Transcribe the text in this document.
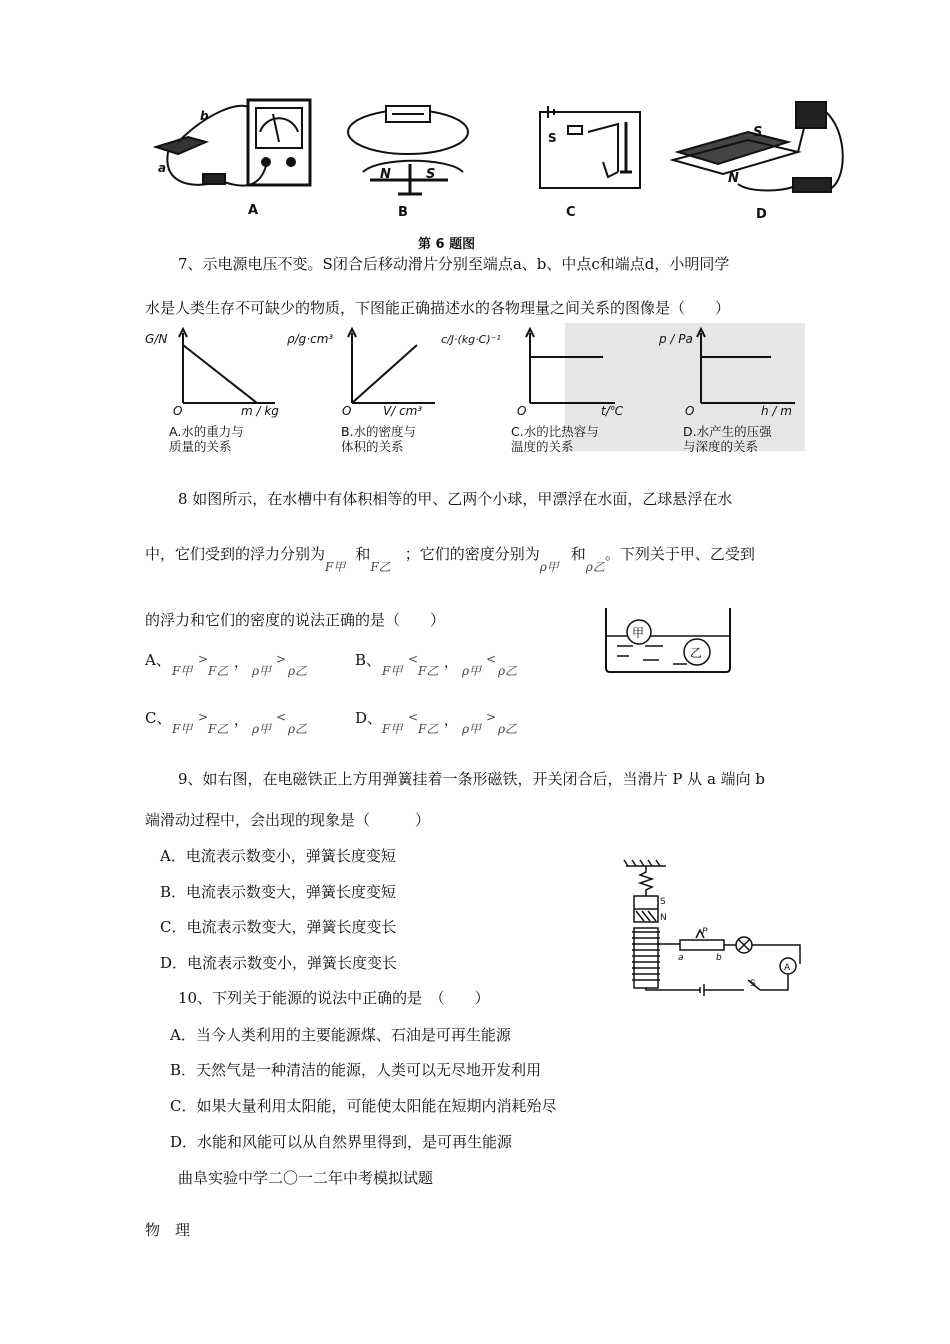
b
a
A
N	S
B
S
C
S
N
D
第 6 题图
7、示电源电压不变。S闭合后移动滑片分别至端点a、b、中点c和端点d，小明同学
水是人类生存不可缺少的物质，下图能正确描述水的各物理量之间关系的图像是（　　）
G/N
O	m / kg
A.水的重力与
质量的关系
ρ/g·cm³
O	V/ cm³
B.水的密度与
体积的关系
c/J·(kg·C)⁻¹
O	t/℃
C.水的比热容与
温度的关系
p / Pa
O	h / m
D.水产生的压强
与深度的关系
8 如图所示，在水槽中有体积相等的甲、乙两个小球，甲漂浮在水面，乙球悬浮在水
中，它们受到的浮力分别为$_{F甲}$和$_{F乙}$；它们的密度分别为$_{\rho 甲}$和$_{\rho 乙}$。下列关于甲、乙受到
的浮力和它们的密度的说法正确的是（　　）
甲
乙
A、
F甲
>
F乙 ， ρ甲
>
ρ乙
B、
F甲
<
F乙 ， ρ甲
<
ρ乙
C、
F甲
>
F乙 ， ρ甲
<
ρ乙
D、
F甲
<
F乙 ， ρ甲
>
ρ乙
9、如右图，在电磁铁正上方用弹簧挂着一条形磁铁，开关闭合后，当滑片 P 从 a 端向 b
端滑动过程中，会出现的现象是（　　　）
A．电流表示数变小，弹簧长度变短
B．电流表示数变大，弹簧长度变短
C．电流表示数变大，弹簧长度变长
D．电流表示数变小，弹簧长度变长
S
N
P
a	b
S
A
10、下列关于能源的说法中正确的是　（　　）
A．当今人类利用的主要能源煤、石油是可再生能源
B．天然气是一种清洁的能源，人类可以无尽地开发利用
C．如果大量利用太阳能，可能使太阳能在短期内消耗殆尽
D．水能和风能可以从自然界里得到，是可再生能源
曲阜实验中学二〇一二年中考模拟试题
物　理
